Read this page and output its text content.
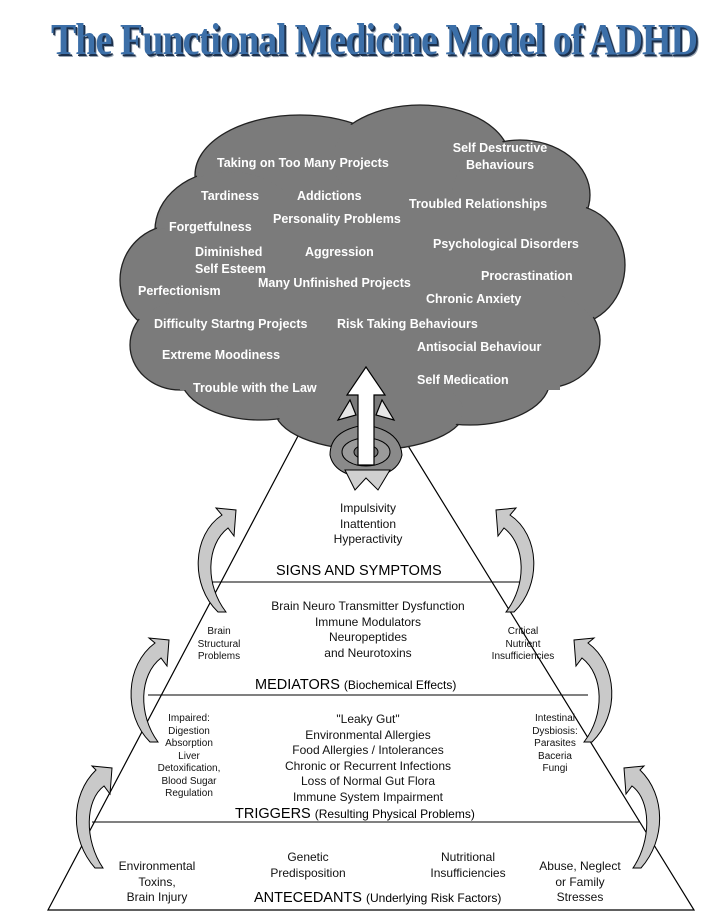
The Functional Medicine Model of ADHD
Taking on Too Many Projects
Self Destructive Behaviours
Tardiness	Addictions
Troubled Relationships
Forgetfulness
Personality Problems
Psychological Disorders
Diminished Self Esteem
Aggression
Procrastination
Perfectionism
Many Unfinished Projects
Chronic Anxiety
Difficulty Startng Projects Risk Taking Behaviours
Antisocial Behaviour
Extreme Moodiness
Trouble with the Law
Self Medication
Impulsivity
Inattention
Hyperactivity
SIGNS AND SYMPTOMS
Brain Neuro Transmitter Dysfunction
Immune Modulators
Neuropeptides
and Neurotoxins
Brain
Structural
Problems
Critical
Nutrient
Insufficiencies
MEDIATORS (Biochemical Effects)
"Leaky Gut"
Environmental Allergies
Food Allergies / Intolerances
Chronic or Recurrent Infections
Loss of Normal Gut Flora
Immune System Impairment
Impaired:
Digestion
Absorption
Liver
Detoxification,
Blood Sugar
Regulation
Intestinal
Dysbiosis:
Parasites
Baceria
Fungi
TRIGGERS (Resulting Physical Problems)
Environmental
Toxins,
Brain Injury
Genetic
Predisposition
Nutritional
Insufficiencies	Abuse, Neglect
or Family
Stresses
ANTECEDANTS (Underlying Risk Factors)
